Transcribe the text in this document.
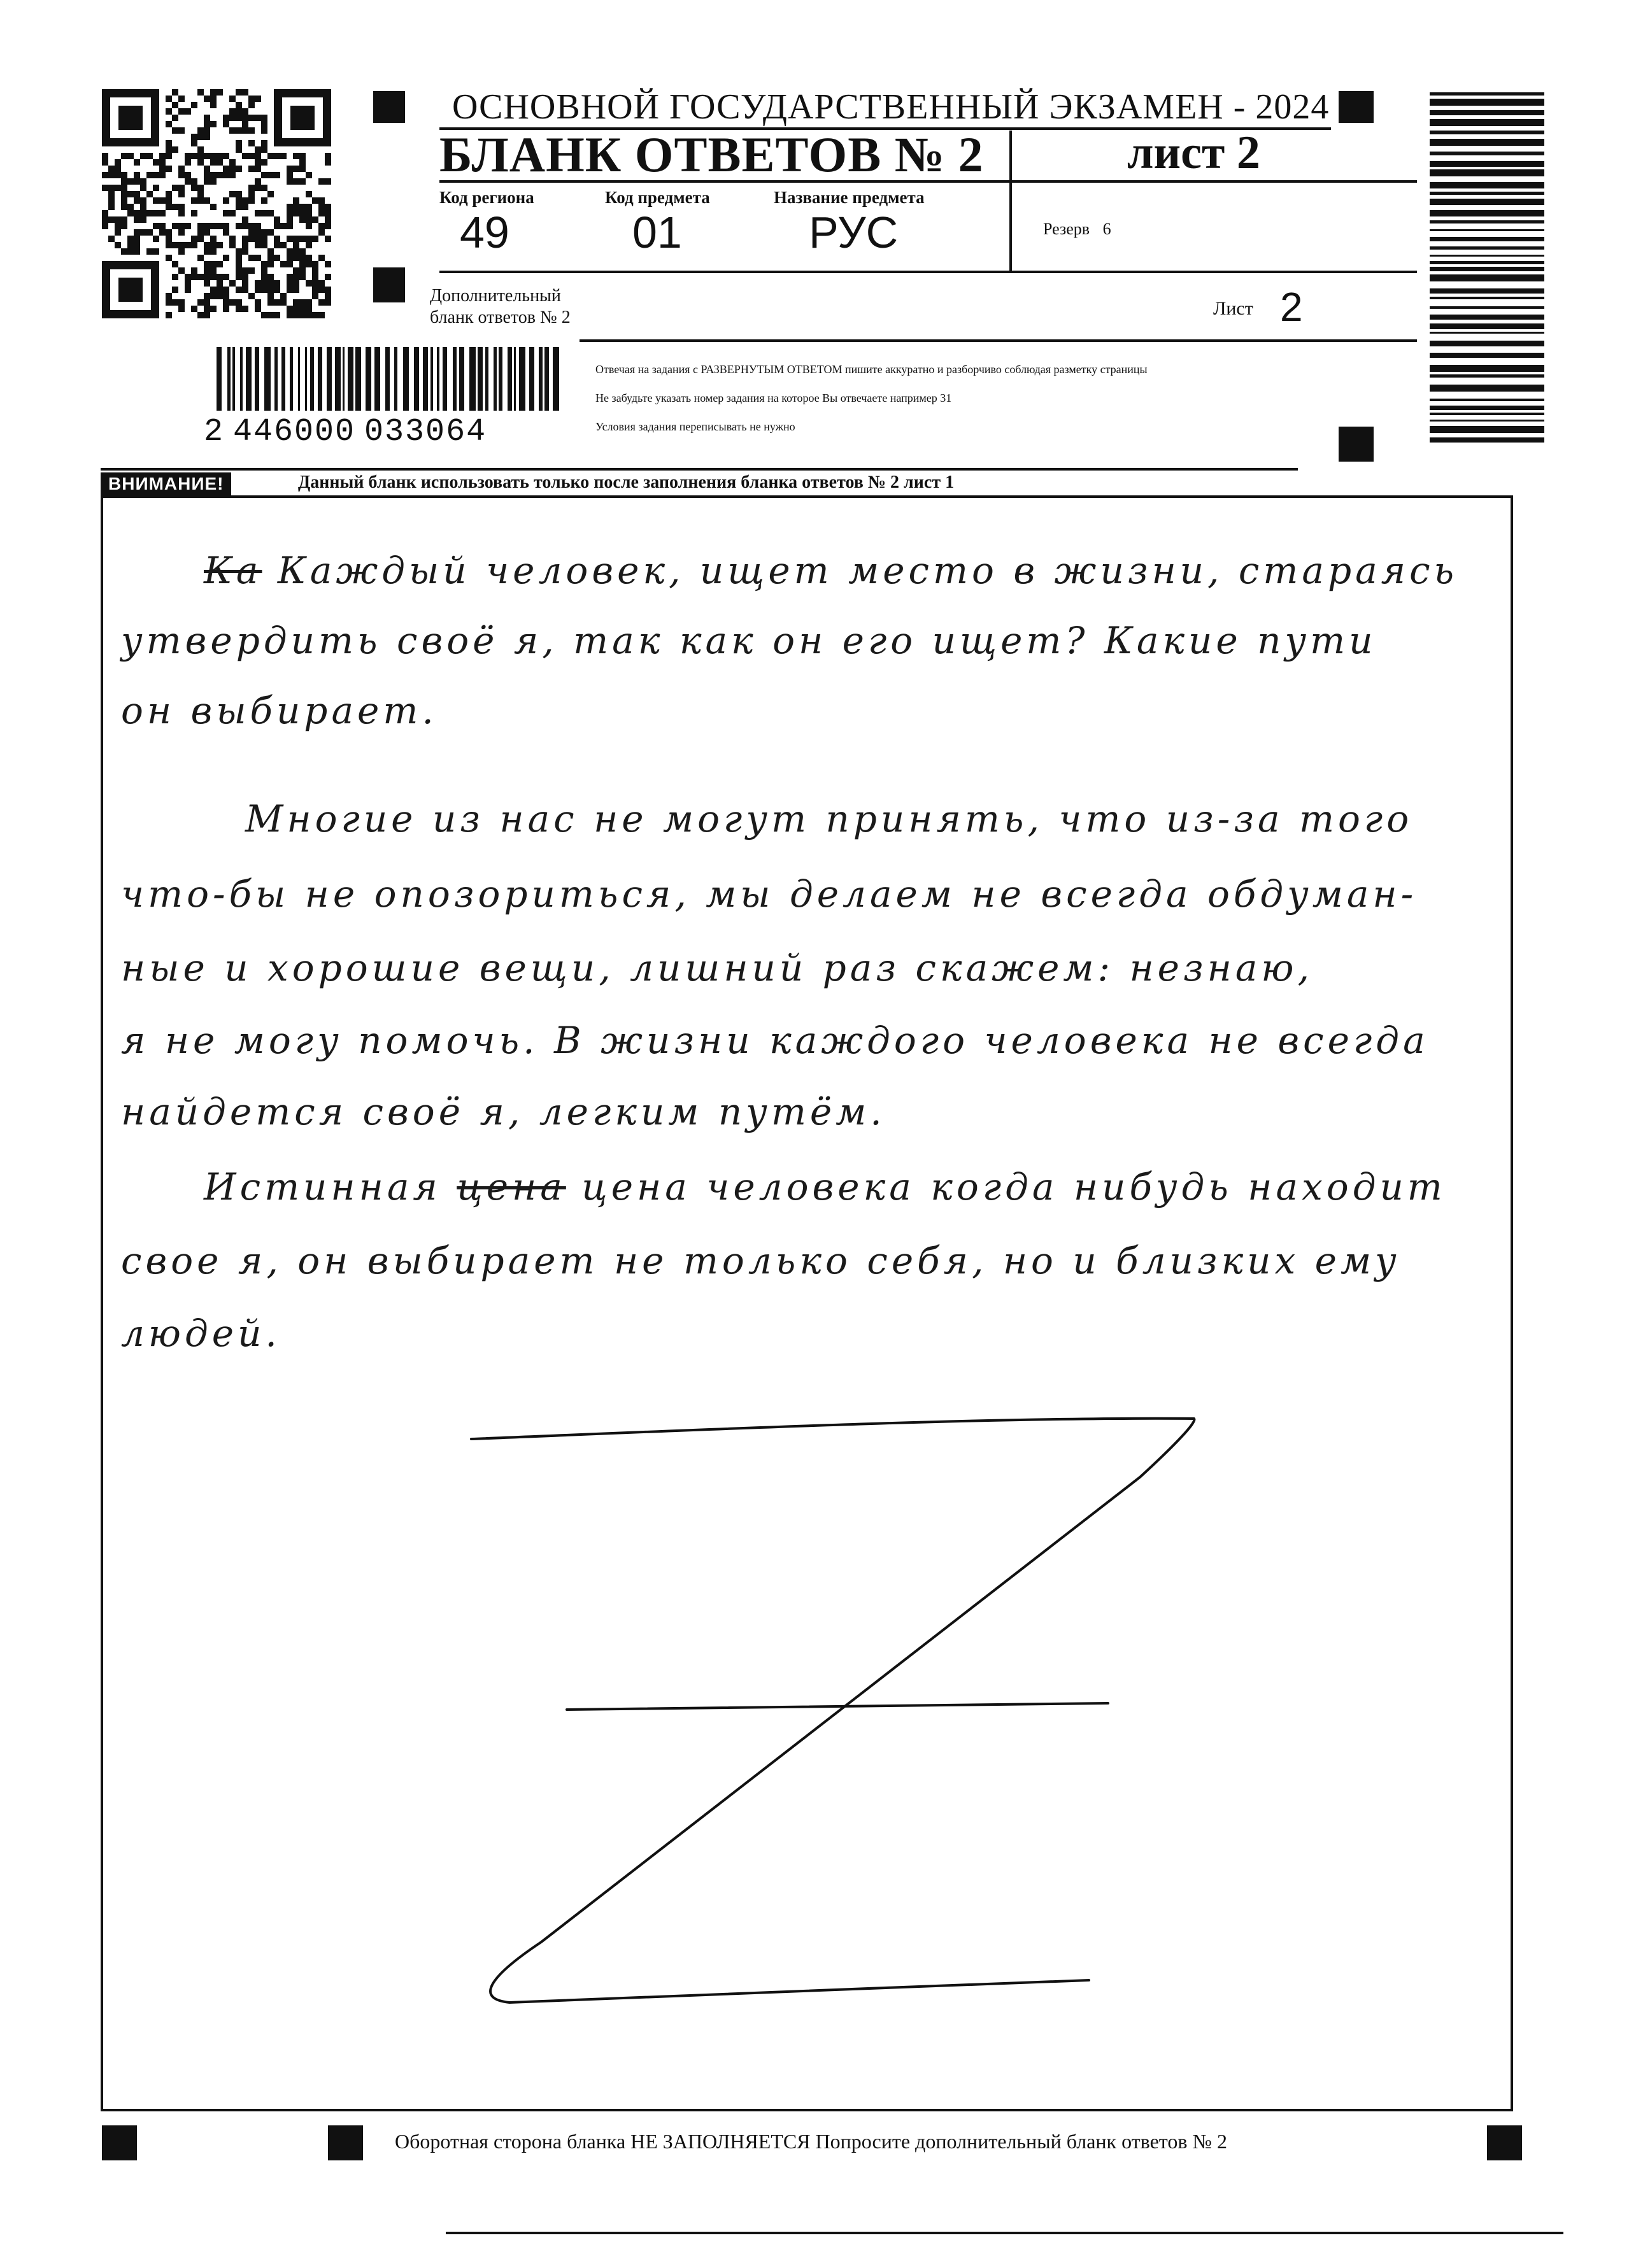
ОСНОВНОЙ ГОСУДАРСТВЕННЫЙ ЭКЗАМЕН - 2024
БЛАНК ОТВЕТОВ № 2	лист 2
Код региона	Код предмета	Название предмета
49	01	РУС	Резерв 6
Дополнительный
бланк ответов № 2	Лист 2
2 446000 033064
Отвечая на задания с РАЗВЕРНУТЫМ ОТВЕТОМ пишите аккуратно и разборчиво соблюдая разметку страницы
Не забудьте указать номер задания на которое Вы отвечаете например 31
Условия задания переписывать не нужно
ВНИМАНИЕ!	Данный бланк использовать только после заполнения бланка ответов № 2 лист 1
Ка Каждый человек, ищет место в жизни, стараясь
утвердить своё я, так как он его ищет? Какие пути
он выбирает.
Многие из нас не могут принять, что из-за того
что-бы не опозориться, мы делаем не всегда обдуман-
ные и хорошие вещи, лишний раз скажем: незнаю,
я не могу помочь. В жизни каждого человека не всегда
найдется своё я, легким путём.
Истинная цена цена человека когда нибудь находит
свое я, он выбирает не только себя, но и близких ему
людей.
Оборотная сторона бланка НЕ ЗАПОЛНЯЕТСЯ Попросите дополнительный бланк ответов № 2
